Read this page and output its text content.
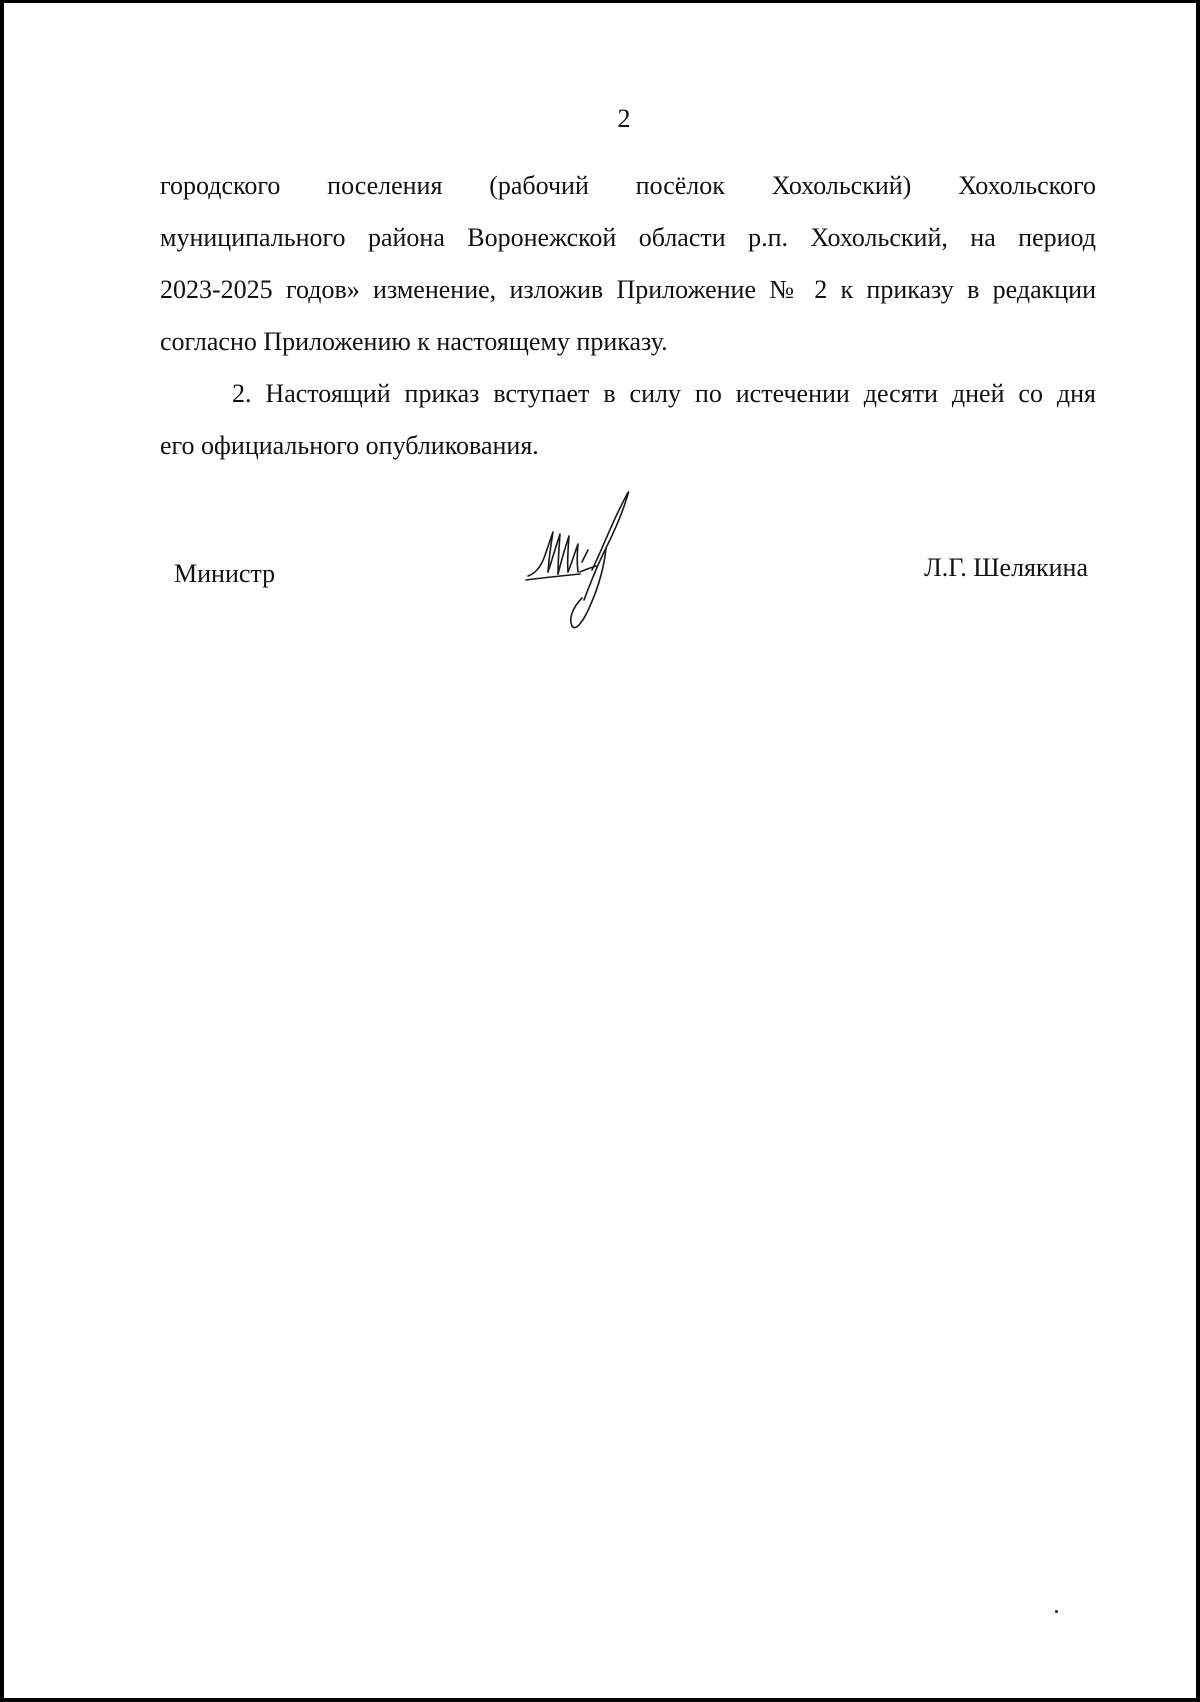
2
городского поселения (рабочий посёлок Хохольский) Хохольского
муниципального района Воронежской области р.п. Хохольский, на период
2023-2025 годов» изменение, изложив Приложение № 2 к приказу в редакции
согласно Приложению к настоящему приказу.
2. Настоящий приказ вступает в силу по истечении десяти дней со дня
его официального опубликования.
Министр	Л.Г. Шелякина
